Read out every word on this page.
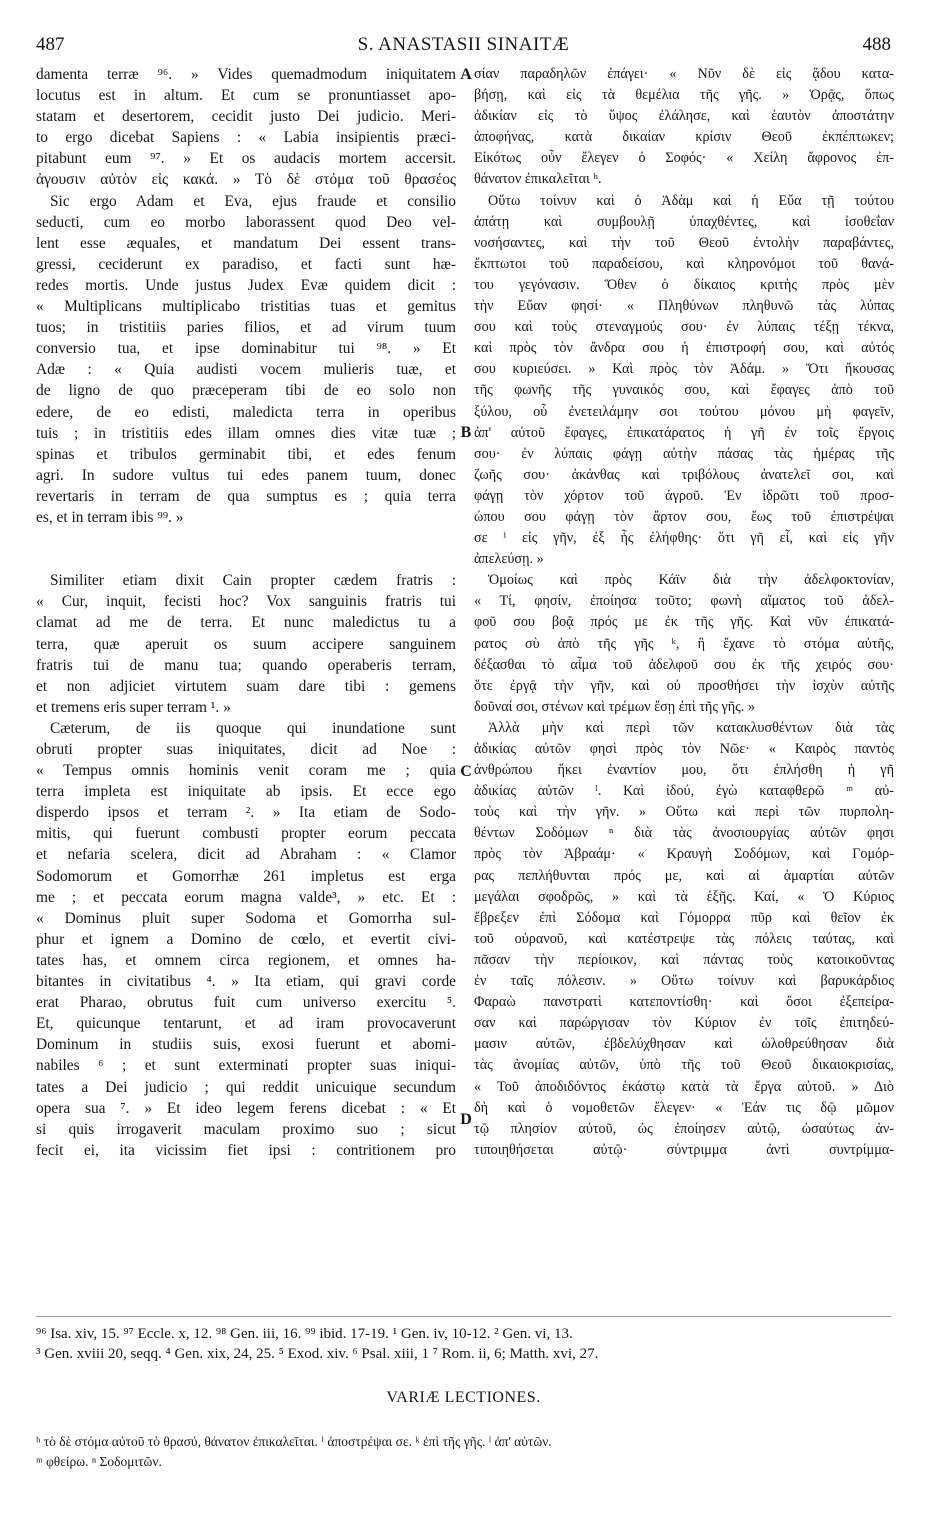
487	S. ANASTASII SINAITÆ	488
damenta terræ ⁹⁶. » Vides quemadmodum iniquitatem
locutus est in altum. Et cum se pronuntiasset apo-
statam et desertorem, cecidit justo Dei judicio. Meri-
to ergo dicebat Sapiens : « Labia insipientis præci-
pitabunt eum ⁹⁷. » Et os audacis mortem accersit.
ἀγουσιν αὐτὸν εἰς κακά. » Τὸ δὲ στόμα τοῦ θρασέος
Sic ergo Adam et Eva, ejus fraude et consilio
seducti, cum eo morbo laborassent quod Deo vel-
lent esse æquales, et mandatum Dei essent trans-
gressi, ceciderunt ex paradiso, et facti sunt hæ-
redes mortis. Unde justus Judex Evæ quidem dicit :
« Multiplicans multiplicabo tristitias tuas et gemitus
tuos; in tristitiis paries filios, et ad virum tuum
conversio tua, et ipse dominabitur tui ⁹⁸. » Et
Adæ : « Quia audisti vocem mulieris tuæ, et
de ligno de quo præceperam tibi de eo solo non
edere, de eo edisti, maledicta terra in operibus
tuis ; in tristitiis edes illam omnes dies vitæ tuæ ;
spinas et tribulos germinabit tibi, et edes fenum
agri. In sudore vultus tui edes panem tuum, donec
revertaris in terram de qua sumptus es ; quia terra
es, et in terram ibis ⁹⁹. »
Similiter etiam dixit Cain propter cædem fratris :
« Cur, inquit, fecisti hoc? Vox sanguinis fratris tui
clamat ad me de terra. Et nunc maledictus tu a
terra, quæ aperuit os suum accipere sanguinem
fratris tui de manu tua; quando operaberis terram,
et non adjiciet virtutem suam dare tibi : gemens
et tremens eris super terram ¹. »
Cæterum, de iis quoque qui inundatione sunt
obruti propter suas iniquitates, dicit ad Noe :
« Tempus omnis hominis venit coram me ; quia
terra impleta est iniquitate ab ipsis. Et ecce ego
disperdo ipsos et terram ². » Ita etiam de Sodo-
mitis, qui fuerunt combusti propter eorum peccata
et nefaria scelera, dicit ad Abraham : « Clamor
Sodomorum et Gomorrhæ 261 impletus est erga
me ; et peccata eorum magna valde³, » etc. Et :
« Dominus pluit super Sodoma et Gomorrha sul-
phur et ignem a Domino de cœlo, et evertit civi-
tates has, et omnem circa regionem, et omnes ha-
bitantes in civitatibus ⁴. » Ita etiam, qui gravi corde
erat Pharao, obrutus fuit cum universo exercitu ⁵.
Et, quicunque tentarunt, et ad iram provocaverunt
Dominum in studiis suis, exosi fuerunt et abomi-
nabiles ⁶ ; et sunt exterminati propter suas iniqui-
tates a Dei judicio ; qui reddit unicuique secundum
opera sua ⁷. » Et ideo legem ferens dicebat : « Et
si quis irrogaverit maculam proximo suo ; sicut
fecit ei, ita vicissim fiet ipsi : contritionem pro
σίαν παραδηλῶν ἐπάγει· « Νῦν δὲ εἰς ᾅδου κατα-
βήσῃ, καὶ εἰς τὰ θεμέλια τῆς γῆς. » Ὁρᾷς, ὅπως
ἀδικίαν εἰς τὸ ὕψος ἐλάλησε, καὶ ἑαυτὸν ἀποστάτην
ἀποφήνας, κατὰ δικαίαν κρίσιν Θεοῦ ἐκπέπτωκεν;
Εἰκότως οὖν ἔλεγεν ὁ Σοφός· « Χείλη ἄφρονος ἐπ-
θάνατον ἐπικαλεῖται ʰ.
Οὕτω τοίνυν καὶ ὁ Ἀδὰμ καὶ ἡ Εὔα τῇ τούτου
ἀπάτῃ καὶ συμβουλῇ ὑπαχθέντες, καὶ ἰσοθεΐαν
νοσήσαντες, καὶ τὴν τοῦ Θεοῦ ἐντολὴν παραβάντες,
ἔκπτωτοι τοῦ παραδείσου, καὶ κληρονόμοι τοῦ θανά-
του γεγόνασιν. Ὅθεν ὁ δίκαιος κριτὴς πρὸς μὲν
τὴν Εὔαν φησί· « Πληθύνων πληθυνῶ τὰς λύπας
σου καὶ τοὺς στεναγμούς σου· ἐν λύπαις τέξῃ τέκνα,
καὶ πρὸς τὸν ἄνδρα σου ἡ ἐπιστροφή σου, καὶ αὐτός
σου κυριεύσει. » Καὶ πρὸς τὸν Ἀδάμ. » Ὅτι ἤκουσας
τῆς φωνῆς τῆς γυναικός σου, καὶ ἔφαγες ἀπὸ τοῦ
ξύλου, οὗ ἐνετειλάμην σοι τούτου μόνου μὴ φαγεῖν,
ἀπ' αὐτοῦ ἔφαγες, ἐπικατάρατος ἡ γῆ ἐν τοῖς ἔργοις
σου· ἐν λύπαις φάγῃ αὐτὴν πάσας τὰς ἡμέρας τῆς
ζωῆς σου· ἀκάνθας καὶ τριβόλους ἀνατελεῖ σοι, καὶ
φάγῃ τὸν χόρτον τοῦ ἀγροῦ. Ἐν ἱδρῶτι τοῦ προσ-
ώπου σου φάγῃ τὸν ἄρτον σου, ἕως τοῦ ἐπιστρέψαι
σε ⁱ εἰς γῆν, ἐξ ἧς ἐλήφθης· ὅτι γῆ εἶ, καὶ εἰς γῆν
ἀπελεύσῃ. »
Ὁμοίως καὶ πρὸς Κάϊν διὰ τὴν ἀδελφοκτονίαν,
« Τί, φησίν, ἐποίησα τοῦτο; φωνὴ αἵματος τοῦ ἀδελ-
φοῦ σου βοᾷ πρός με ἐκ τῆς γῆς. Καὶ νῦν ἐπικατά-
ρατος σὺ ἀπὸ τῆς γῆς ᵏ, ἣ ἔχανε τὸ στόμα αὐτῆς,
δέξασθαι τὸ αἷμα τοῦ ἀδελφοῦ σου ἐκ τῆς χειρός σου·
ὅτε ἐργᾷ τὴν γῆν, καὶ οὐ προσθήσει τὴν ἰσχὺν αὐτῆς
δοῦναί σοι, στένων καὶ τρέμων ἔσῃ ἐπὶ τῆς γῆς. »
Ἀλλὰ μὴν καὶ περὶ τῶν κατακλυσθέντων διὰ τὰς
ἀδικίας αὐτῶν φησὶ πρὸς τὸν Νῶε· « Καιρὸς παντὸς
ἀνθρώπου ἥκει ἐναντίον μου, ὅτι ἐπλήσθη ἡ γῆ
ἀδικίας αὐτῶν ˡ. Καὶ ἰδού, ἐγὼ καταφθερῶ ᵐ αὐ-
τοὺς καὶ τὴν γῆν. » Οὕτω καὶ περὶ τῶν πυρπολη-
θέντων Σοδόμων ⁿ διὰ τὰς ἀνοσιουργίας αὐτῶν φησι
πρὸς τὸν Ἀβραάμ· « Κραυγὴ Σοδόμων, καὶ Γομόρ-
ρας πεπλήθυνται πρός με, καὶ αἱ ἁμαρτίαι αὐτῶν
μεγάλαι σφοδρῶς, » καὶ τὰ ἑξῆς. Καί, « Ὁ Κύριος
ἔβρεξεν ἐπὶ Σόδομα καὶ Γόμορρα πῦρ καὶ θεῖον ἐκ
τοῦ οὐρανοῦ, καὶ κατέστρεψε τὰς πόλεις ταύτας, καὶ
πᾶσαν τὴν περίοικον, καὶ πάντας τοὺς κατοικοῦντας
ἐν ταῖς πόλεσιν. » Οὕτω τοίνυν καὶ βαρυκάρδιος
Φαραὼ πανστρατὶ κατεποντίσθη· καὶ ὅσοι ἐξεπείρα-
σαν καὶ παρώργισαν τὸν Κύριον ἐν τοῖς ἐπιτηδεύ-
μασιν αὐτῶν, ἐβδελύχθησαν καὶ ὠλοθρεύθησαν διὰ
τὰς ἀνομίας αὐτῶν, ὑπὸ τῆς τοῦ Θεοῦ δικαιοκρισίας,
« Τοῦ ἀποδιδόντος ἑκάστῳ κατὰ τὰ ἔργα αὐτοῦ. » Διὸ
δὴ καὶ ὁ νομοθετῶν ἔλεγεν· « Ἐάν τις δῷ μῶμον
τῷ πλησίον αὐτοῦ, ὡς ἐποίησεν αὐτῷ, ὡσαύτως ἀν-
τιποιηθήσεται αὐτῷ· σύντριμμα ἀντὶ συντρίμμα-
A
B
C
D
⁹⁶ Isa. xiv, 15. ⁹⁷ Eccle. x, 12. ⁹⁸ Gen. iii, 16. ⁹⁹ ibid. 17-19. ¹ Gen. iv, 10-12. ² Gen. vi, 13.
³ Gen. xviii 20, seqq. ⁴ Gen. xix, 24, 25. ⁵ Exod. xiv. ⁶ Psal. xiii, 1 ⁷ Rom. ii, 6; Matth. xvi, 27.
VARIÆ LECTIONES.
ʰ τὸ δὲ στόμα αὐτοῦ τὸ θρασύ, θάνατον ἐπικαλεῖται. ⁱ ἀποστρέψαι σε. ᵏ ἐπὶ τῆς γῆς. ˡ ἀπ' αὐτῶν.
ᵐ φθείρω. ⁿ Σοδομιτῶν.
